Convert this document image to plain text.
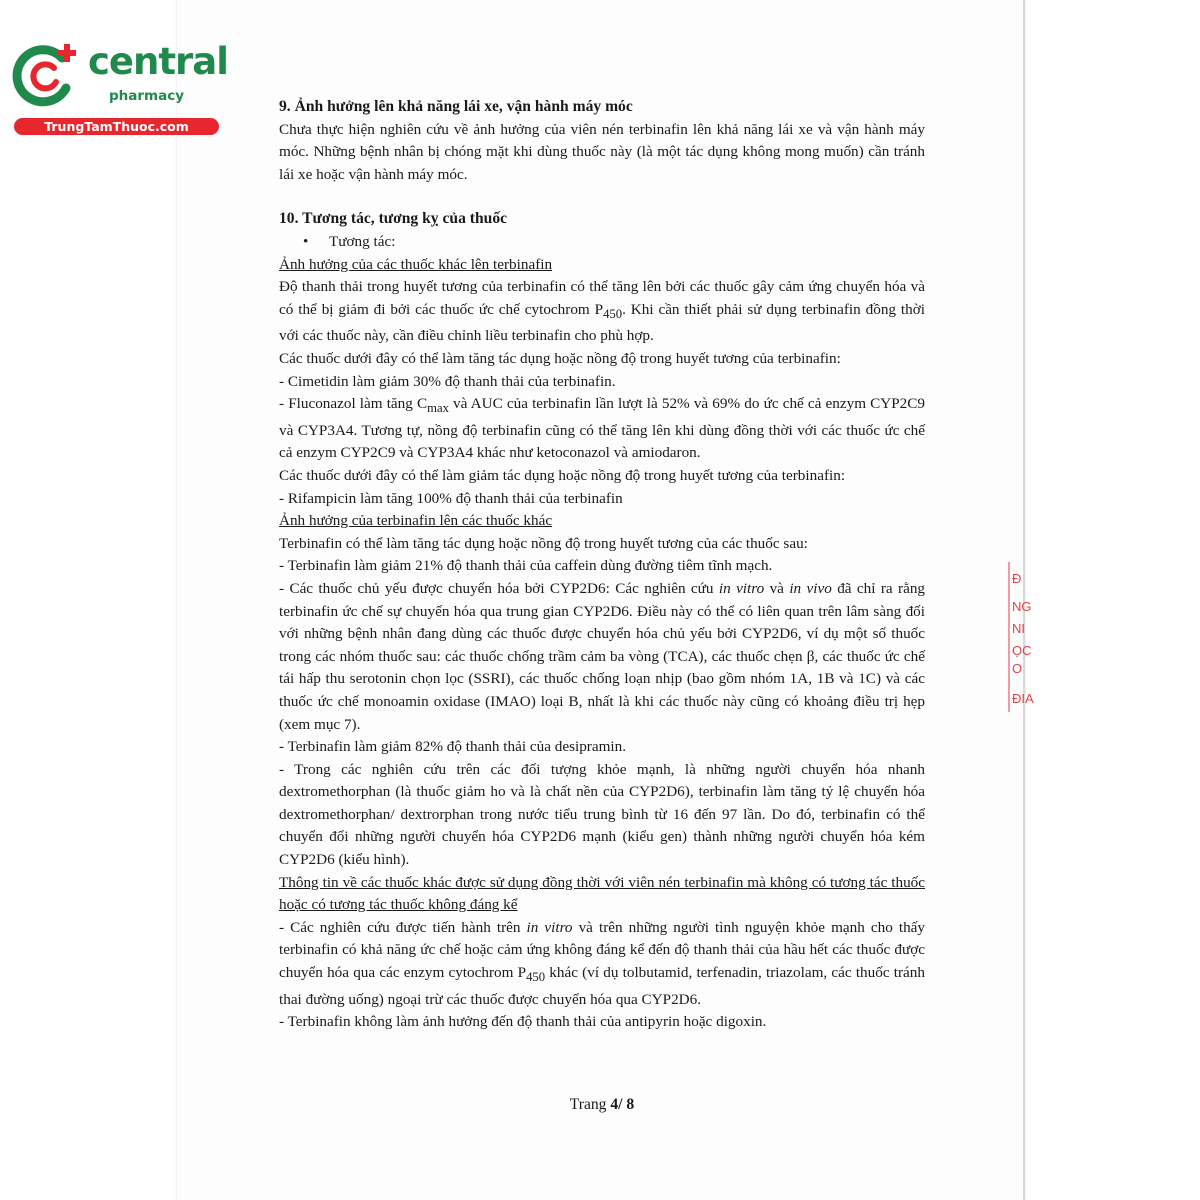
central
pharmacy
TrungTamThuoc.com
Đ
NG
NI
ỌC
O
ĐIA

9. Ảnh hưởng lên khả năng lái xe, vận hành máy móc

Chưa thực hiện nghiên cứu về ảnh hưởng của viên nén terbinafin lên khả năng lái xe và vận hành máy móc. Những bệnh nhân bị chóng mặt khi dùng thuốc này (là một tác dụng không mong muốn) cần tránh lái xe hoặc vận hành máy móc.

10. Tương tác, tương kỵ của thuốc

• Tương tác:

Ảnh hưởng của các thuốc khác lên terbinafin

Độ thanh thải trong huyết tương của terbinafin có thể tăng lên bởi các thuốc gây cảm ứng chuyển hóa và có thể bị giảm đi bởi các thuốc ức chế cytochrom $P_{450}$. Khi cần thiết phải sử dụng terbinafin đồng thời với các thuốc này, cần điều chỉnh liều terbinafin cho phù hợp.

Các thuốc dưới đây có thể làm tăng tác dụng hoặc nồng độ trong huyết tương của terbinafin:

- Cimetidin làm giảm 30% độ thanh thải của terbinafin.

- Fluconazol làm tăng $C_{max}$ và AUC của terbinafin lần lượt là 52% và 69% do ức chế cả enzym CYP2C9 và CYP3A4. Tương tự, nồng độ terbinafin cũng có thể tăng lên khi dùng đồng thời với các thuốc ức chế cả enzym CYP2C9 và CYP3A4 khác như ketoconazol và amiodaron.

Các thuốc dưới đây có thể làm giảm tác dụng hoặc nồng độ trong huyết tương của terbinafin:

- Rifampicin làm tăng 100% độ thanh thải của terbinafin

Ảnh hưởng của terbinafin lên các thuốc khác

Terbinafin có thể làm tăng tác dụng hoặc nồng độ trong huyết tương của các thuốc sau:

- Terbinafin làm giảm 21% độ thanh thải của caffein dùng đường tiêm tĩnh mạch.

- Các thuốc chủ yếu được chuyển hóa bởi CYP2D6: Các nghiên cứu in vitro và in vivo đã chỉ ra rằng terbinafin ức chế sự chuyển hóa qua trung gian CYP2D6. Điều này có thể có liên quan trên lâm sàng đối với những bệnh nhân đang dùng các thuốc được chuyển hóa chủ yếu bởi CYP2D6, ví dụ một số thuốc trong các nhóm thuốc sau: các thuốc chống trầm cảm ba vòng (TCA), các thuốc chẹn β, các thuốc ức chế tái hấp thu serotonin chọn lọc (SSRI), các thuốc chống loạn nhịp (bao gồm nhóm 1A, 1B và 1C) và các thuốc ức chế monoamin oxidase (IMAO) loại B, nhất là khi các thuốc này cũng có khoảng điều trị hẹp (xem mục 7).

- Terbinafin làm giảm 82% độ thanh thải của desipramin.

- Trong các nghiên cứu trên các đối tượng khỏe mạnh, là những người chuyển hóa nhanh dextromethorphan (là thuốc giảm ho và là chất nền của CYP2D6), terbinafin làm tăng tỷ lệ chuyển hóa dextromethorphan/ dextrorphan trong nước tiểu trung bình từ 16 đến 97 lần. Do đó, terbinafin có thể chuyển đổi những người chuyển hóa CYP2D6 mạnh (kiểu gen) thành những người chuyển hóa kém CYP2D6 (kiểu hình).

Thông tin về các thuốc khác được sử dụng đồng thời với viên nén terbinafin mà không có tương tác thuốc hoặc có tương tác thuốc không đáng kể

- Các nghiên cứu được tiến hành trên in vitro và trên những người tình nguyện khỏe mạnh cho thấy terbinafin có khả năng ức chế hoặc cảm ứng không đáng kể đến độ thanh thải của hầu hết các thuốc được chuyển hóa qua các enzym cytochrom $P_{450}$ khác (ví dụ tolbutamid, terfenadin, triazolam, các thuốc tránh thai đường uống) ngoại trừ các thuốc được chuyển hóa qua CYP2D6.

- Terbinafin không làm ảnh hưởng đến độ thanh thải của antipyrin hoặc digoxin.

Trang 4/ 8
